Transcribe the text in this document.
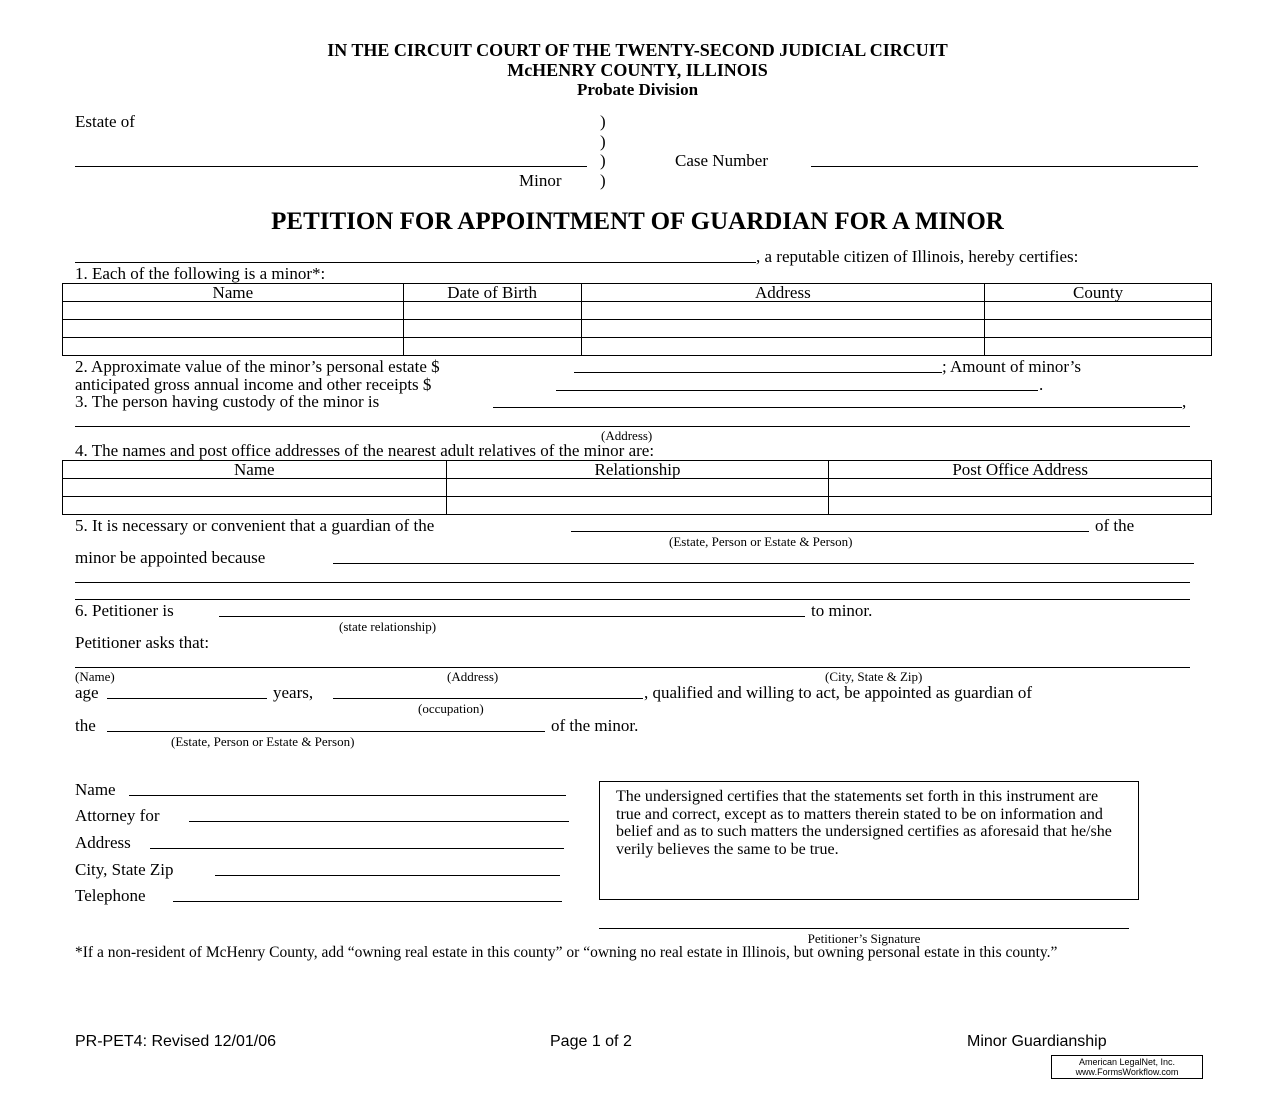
IN THE CIRCUIT COURT OF THE TWENTY-SECOND JUDICIAL CIRCUIT
McHENRY COUNTY, ILLINOIS
Probate Division
Estate of
Minor
)
)
)
)
Case Number
PETITION FOR APPOINTMENT OF GUARDIAN FOR A MINOR
, a reputable citizen of Illinois, hereby certifies:
1. Each of the following is a minor*:
Name	Date of Birth	Address	County

2. Approximate value of the minor’s personal estate $	; Amount of minor’s
anticipated gross annual income and other receipts $	.
3. The person having custody of the minor is	,
(Address)
4. The names and post office addresses of the nearest adult relatives of the minor are:
Name	Relationship	Post Office Address

5. It is necessary or convenient that a guardian of the	of the
(Estate, Person or Estate & Person)
minor be appointed because
6. Petitioner is	to minor.
(state relationship)
Petitioner asks that:
(Name)	(Address)	(City, State & Zip)
age	years,	, qualified and willing to act, be appointed as guardian of
(occupation)
the	of the minor.
(Estate, Person or Estate & Person)
Name
Attorney for
Address
City, State Zip
Telephone
The undersigned certifies that the statements set forth in this instrument are true and correct, except as to matters therein stated to be on information and belief and as to such matters the undersigned certifies as aforesaid that he/she verily believes the same to be true.
Petitioner’s Signature
*If a non-resident of McHenry County, add “owning real estate in this county” or “owning no real estate in Illinois, but owning personal estate in this county.”
PR-PET4: Revised 12/01/06	Page 1 of 2	Minor Guardianship
American LegalNet, Inc.
www.FormsWorkflow.com
